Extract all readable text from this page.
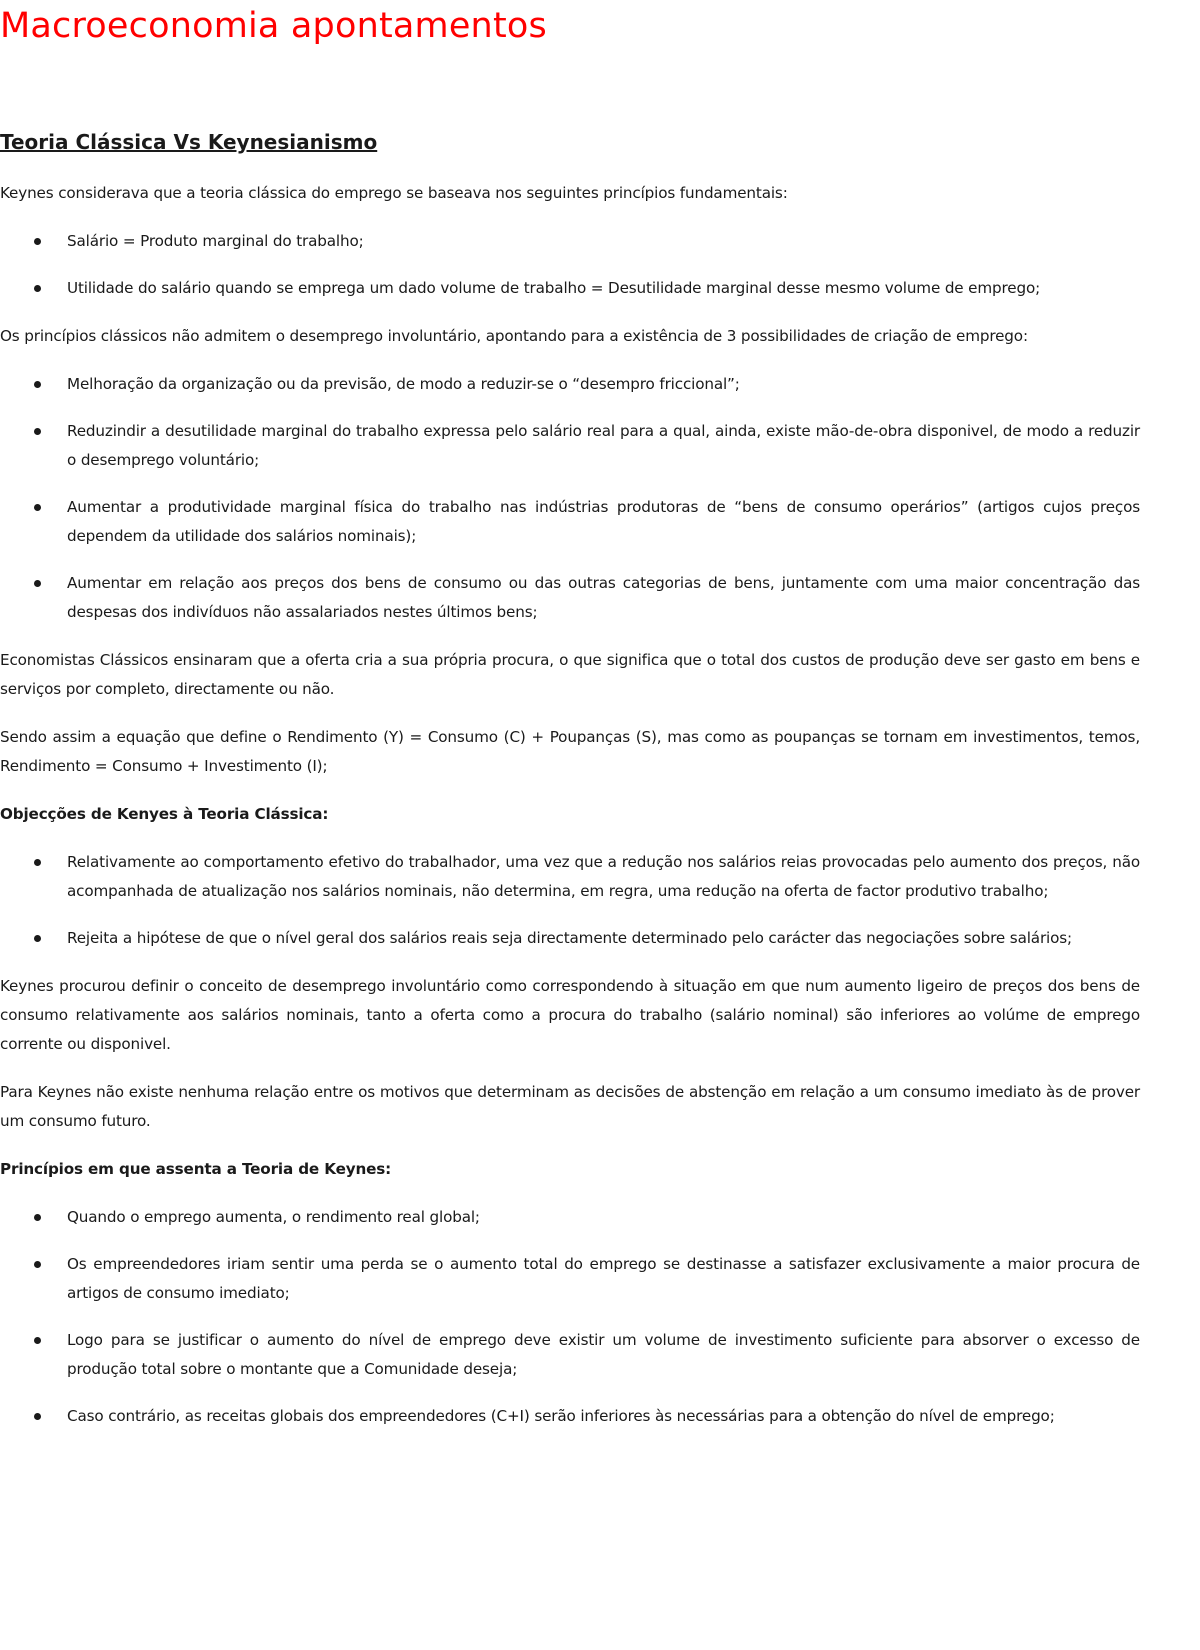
Macroeconomia apontamentos
Teoria Clássica Vs Keynesianismo

Keynes considerava que a teoria clássica do emprego se baseava nos seguintes princípios fundamentais:

Salário = Produto marginal do trabalho;
Utilidade do salário quando se emprega um dado volume de trabalho = Desutilidade marginal desse mesmo volume de emprego;

Os princípios clássicos não admitem o desemprego involuntário, apontando para a existência de 3 possibilidades de criação de emprego:

Melhoração da organização ou da previsão, de modo a reduzir-se o “desempro friccional”;
Reduzindir a desutilidade marginal do trabalho expressa pelo salário real para a qual, ainda, existe mão-de-obra disponivel, de modo a reduzir o desemprego voluntário;
Aumentar a produtividade marginal física do trabalho nas indústrias produtoras de “bens de consumo operários” (artigos cujos preços dependem da utilidade dos salários nominais);
Aumentar em relação aos preços dos bens de consumo ou das outras categorias de bens, juntamente com uma maior concentração das despesas dos indivíduos não assalariados nestes últimos bens;

Economistas Clássicos ensinaram que a oferta cria a sua própria procura, o que significa que o total dos custos de produção deve ser gasto em bens e serviços por completo, directamente ou não.

Sendo assim a equação que define o Rendimento (Y) = Consumo (C) + Poupanças (S), mas como as poupanças se tornam em investimentos, temos, Rendimento = Consumo + Investimento (I);

Objecções de Kenyes à Teoria Clássica:

Relativamente ao comportamento efetivo do trabalhador, uma vez que a redução nos salários reias provocadas pelo aumento dos preços, não acompanhada de atualização nos salários nominais, não determina, em regra, uma redução na oferta de factor produtivo trabalho;
Rejeita a hipótese de que o nível geral dos salários reais seja directamente determinado pelo carácter das negociações sobre salários;

Keynes procurou definir o conceito de desemprego involuntário como correspondendo à situação em que num aumento ligeiro de preços dos bens de consumo relativamente aos salários nominais, tanto a oferta como a procura do trabalho (salário nominal) são inferiores ao volúme de emprego corrente ou disponivel.

Para Keynes não existe nenhuma relação entre os motivos que determinam as decisões de abstenção em relação a um consumo imediato às de prover um consumo futuro.

Princípios em que assenta a Teoria de Keynes:

Quando o emprego aumenta, o rendimento real global;
Os empreendedores iriam sentir uma perda se o aumento total do emprego se destinasse a satisfazer exclusivamente a maior procura de artigos de consumo imediato;
Logo para se justificar o aumento do nível de emprego deve existir um volume de investimento suficiente para absorver o excesso de produção total sobre o montante que a Comunidade deseja;
Caso contrário, as receitas globais dos empreendedores (C+I) serão inferiores às necessárias para a obtenção do nível de emprego;
